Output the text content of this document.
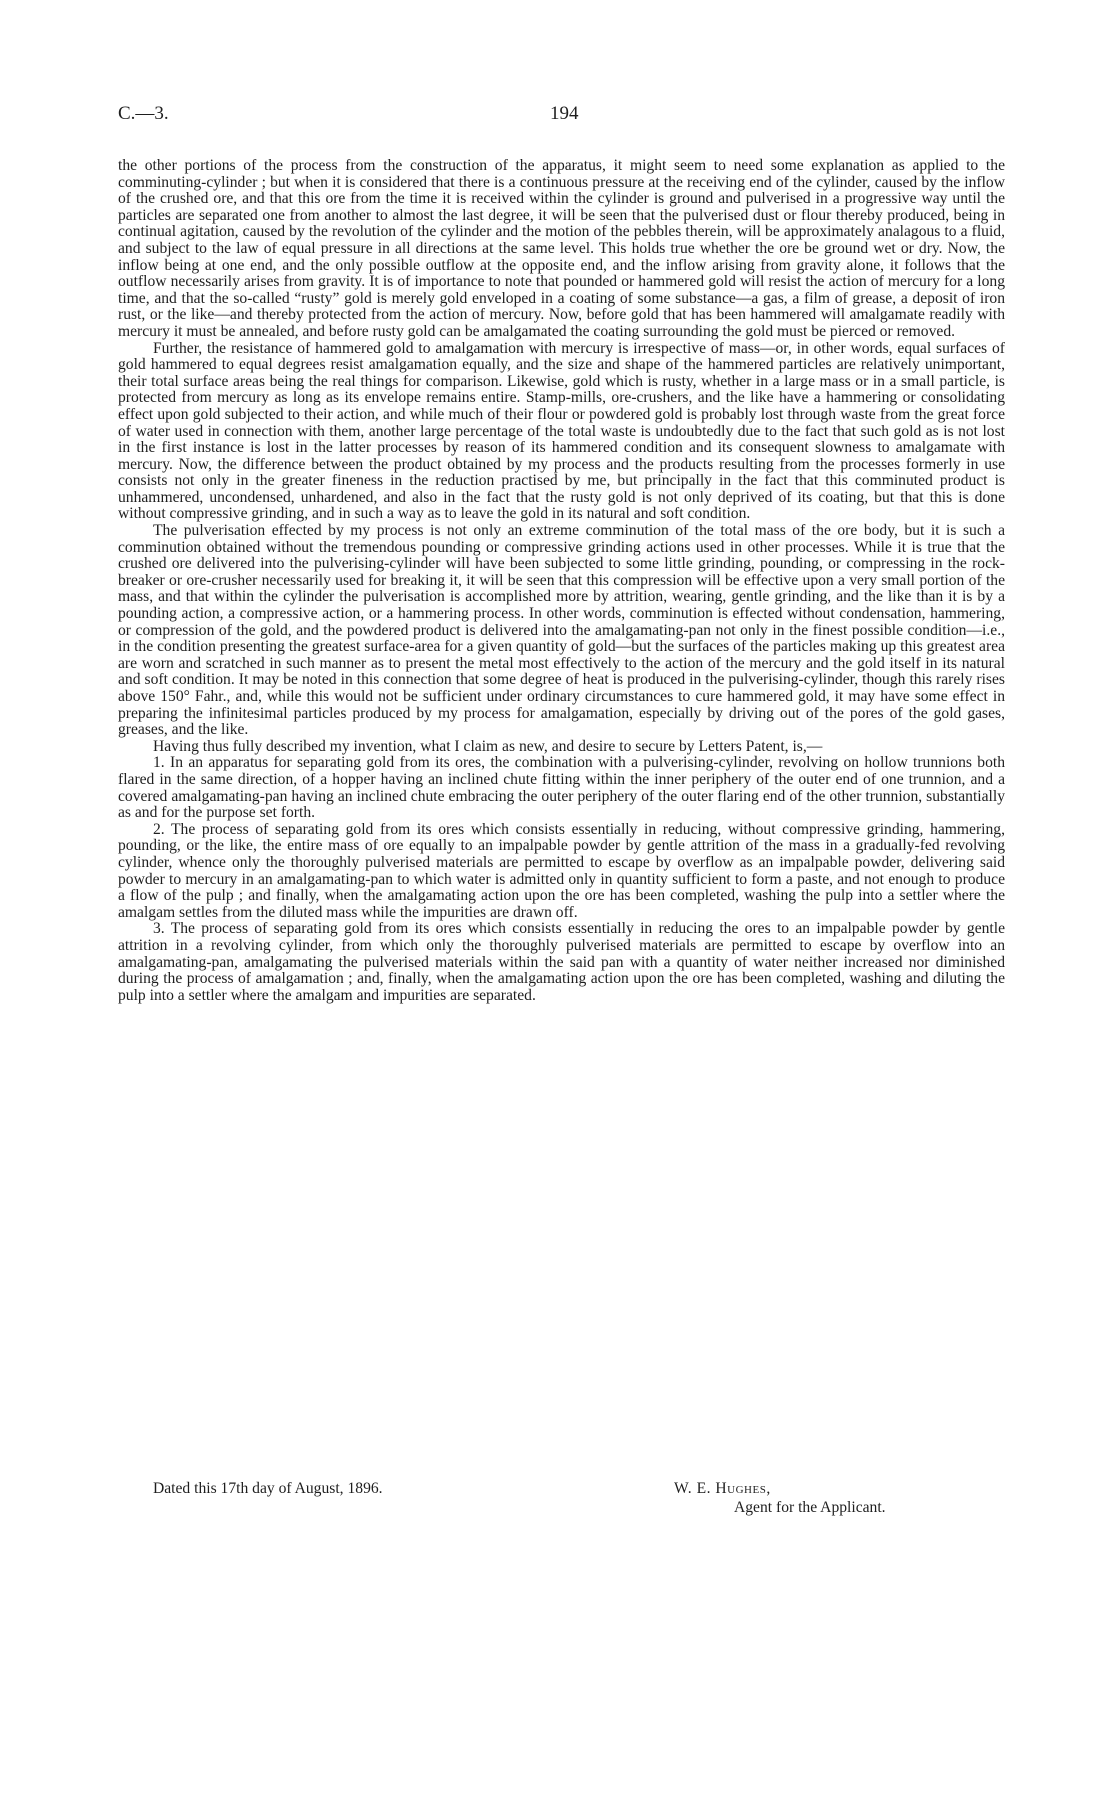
C.—3.	194

the other portions of the process from the construction of the apparatus, it might seem to need some explanation as applied to the comminuting-cylinder ; but when it is considered that there is a continuous pressure at the receiving end of the cylinder, caused by the inflow of the crushed ore, and that this ore from the time it is received within the cylinder is ground and pulverised in a progressive way until the particles are separated one from another to almost the last degree, it will be seen that the pulverised dust or flour thereby produced, being in continual agitation, caused by the revolution of the cylinder and the motion of the pebbles therein, will be approximately analagous to a fluid, and subject to the law of equal pressure in all directions at the same level. This holds true whether the ore be ground wet or dry. Now, the inflow being at one end, and the only possible outflow at the opposite end, and the inflow arising from gravity alone, it follows that the outflow necessarily arises from gravity. It is of importance to note that pounded or hammered gold will resist the action of mercury for a long time, and that the so-called “rusty” gold is merely gold enveloped in a coating of some substance—a gas, a film of grease, a deposit of iron rust, or the like—and thereby protected from the action of mercury. Now, before gold that has been hammered will amalgamate readily with mercury it must be annealed, and before rusty gold can be amalgamated the coating surrounding the gold must be pierced or removed.

Further, the resistance of hammered gold to amalgamation with mercury is irrespective of mass—or, in other words, equal surfaces of gold hammered to equal degrees resist amalgamation equally, and the size and shape of the hammered particles are relatively unimportant, their total surface areas being the real things for comparison. Likewise, gold which is rusty, whether in a large mass or in a small particle, is protected from mercury as long as its envelope remains entire. Stamp-mills, ore-crushers, and the like have a hammering or consolidating effect upon gold subjected to their action, and while much of their flour or powdered gold is probably lost through waste from the great force of water used in connection with them, another large percentage of the total waste is undoubtedly due to the fact that such gold as is not lost in the first instance is lost in the latter processes by reason of its hammered condition and its consequent slowness to amalgamate with mercury. Now, the difference between the product obtained by my process and the products resulting from the processes formerly in use consists not only in the greater fineness in the reduction practised by me, but principally in the fact that this comminuted product is unhammered, uncondensed, unhardened, and also in the fact that the rusty gold is not only deprived of its coating, but that this is done without compressive grinding, and in such a way as to leave the gold in its natural and soft condition.

The pulverisation effected by my process is not only an extreme comminution of the total mass of the ore body, but it is such a comminution obtained without the tremendous pounding or compressive grinding actions used in other processes. While it is true that the crushed ore delivered into the pulverising-cylinder will have been subjected to some little grinding, pounding, or compressing in the rock-breaker or ore-crusher necessarily used for breaking it, it will be seen that this compression will be effective upon a very small portion of the mass, and that within the cylinder the pulverisation is accomplished more by attrition, wearing, gentle grinding, and the like than it is by a pounding action, a compressive action, or a hammering process. In other words, comminution is effected without condensation, hammering, or compression of the gold, and the powdered product is delivered into the amalgamating-pan not only in the finest possible condition—i.e., in the condition presenting the greatest surface-area for a given quantity of gold—but the surfaces of the particles making up this greatest area are worn and scratched in such manner as to present the metal most effectively to the action of the mercury and the gold itself in its natural and soft condition. It may be noted in this connection that some degree of heat is produced in the pulverising-cylinder, though this rarely rises above 150° Fahr., and, while this would not be sufficient under ordinary circumstances to cure hammered gold, it may have some effect in preparing the infinitesimal particles produced by my process for amalgamation, especially by driving out of the pores of the gold gases, greases, and the like.

Having thus fully described my invention, what I claim as new, and desire to secure by Letters Patent, is,—

1. In an apparatus for separating gold from its ores, the combination with a pulverising-cylinder, revolving on hollow trunnions both flared in the same direction, of a hopper having an inclined chute fitting within the inner periphery of the outer end of one trunnion, and a covered amalgamating-pan having an inclined chute embracing the outer periphery of the outer flaring end of the other trunnion, substantially as and for the purpose set forth.

2. The process of separating gold from its ores which consists essentially in reducing, without compressive grinding, hammering, pounding, or the like, the entire mass of ore equally to an impalpable powder by gentle attrition of the mass in a gradually-fed revolving cylinder, whence only the thoroughly pulverised materials are permitted to escape by overflow as an impalpable powder, delivering said powder to mercury in an amalgamating-pan to which water is admitted only in quantity sufficient to form a paste, and not enough to produce a flow of the pulp ; and finally, when the amalgamating action upon the ore has been completed, washing the pulp into a settler where the amalgam settles from the diluted mass while the impurities are drawn off.

3. The process of separating gold from its ores which consists essentially in reducing the ores to an impalpable powder by gentle attrition in a revolving cylinder, from which only the thoroughly pulverised materials are permitted to escape by overflow into an amalgamating-pan, amalgamating the pulverised materials within the said pan with a quantity of water neither increased nor diminished during the process of amalgamation ; and, finally, when the amalgamating action upon the ore has been completed, washing and diluting the pulp into a settler where the amalgam and impurities are separated.

Dated this 17th day of August, 1896.	W. E. Hughes,
Agent for the Applicant.
